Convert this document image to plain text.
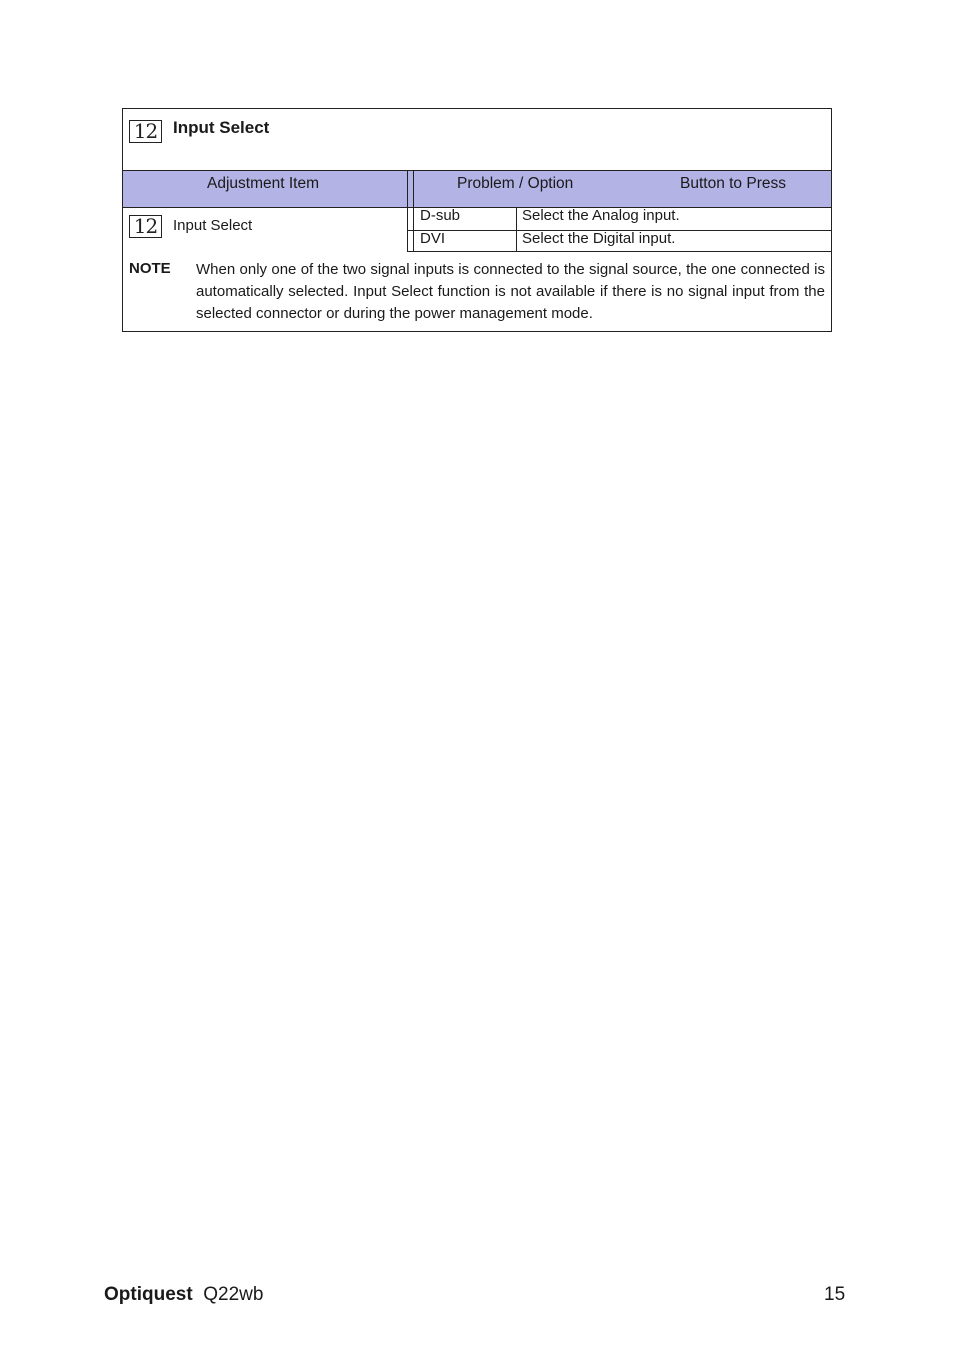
12 Input Select
Adjustment Item	Problem / Option	Button to Press
12	Input Select
D-sub	Select the Analog input.
DVI	Select the Digital input.
NOTE When only one of the two signal inputs is connected to the signal source, the one connected is automatically selected. Input Select function is not available if there is no signal input from the selected connector or during the power management mode.
Optiquest Q22wb	15
